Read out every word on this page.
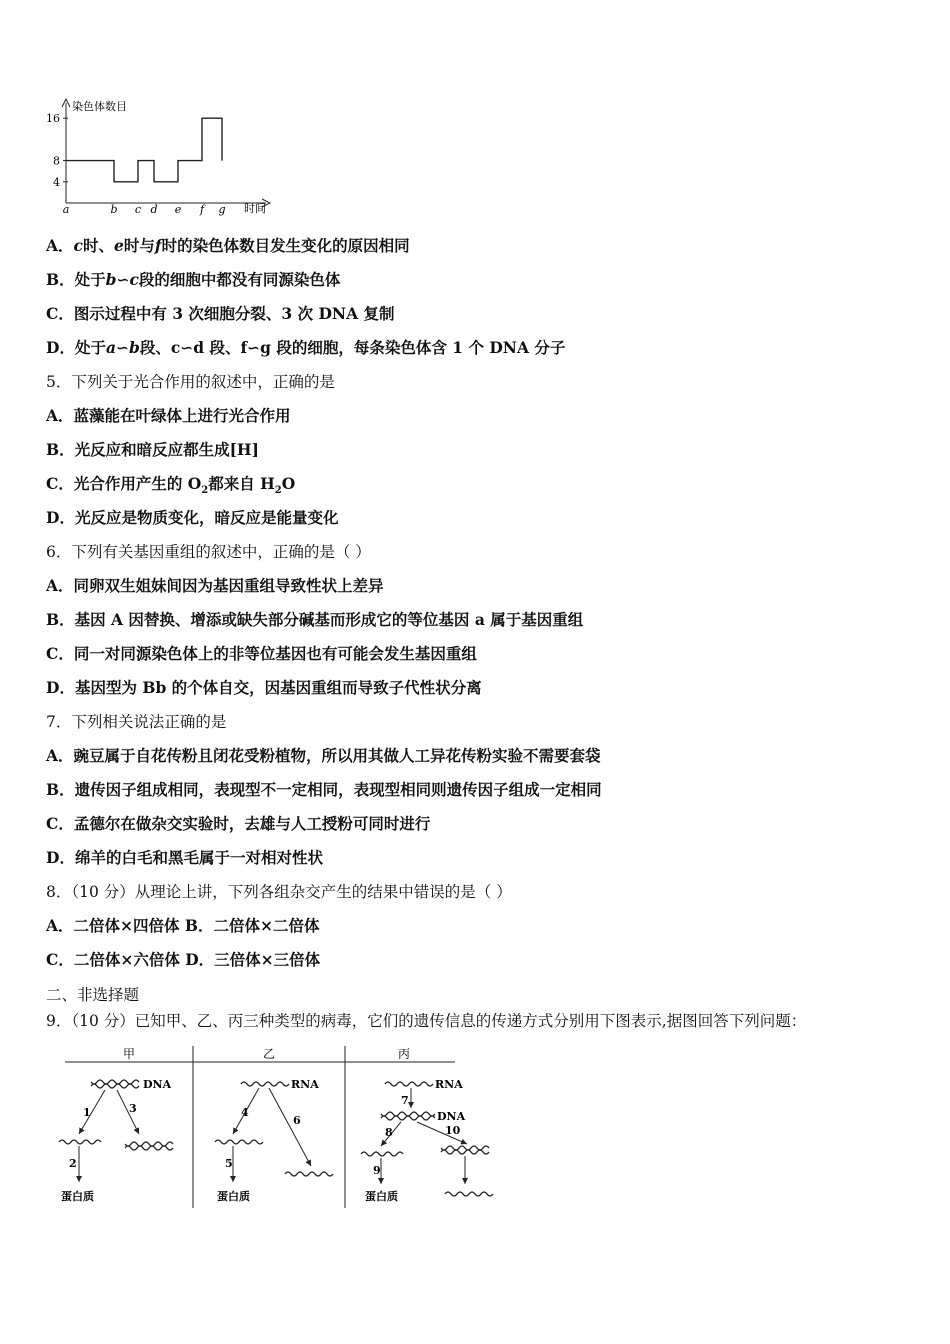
染色体数目
时间
16
8
4
a	b c d e f g
A．c时、e时与f时的染色体数目发生变化的原因相同
B．处于b∽c段的细胞中都没有同源染色体
C．图示过程中有 3 次细胞分裂、3 次 DNA 复制
D．处于a∽b段、c∽d 段、f∽g 段的细胞，每条染色体含 1 个 DNA 分子
5．下列关于光合作用的叙述中，正确的是
A．蓝藻能在叶绿体上进行光合作用
B．光反应和暗反应都生成[H]
C．光合作用产生的 $O_2$都来自 $H_2O$
D．光反应是物质变化，暗反应是能量变化
6．下列有关基因重组的叙述中，正确的是（ ）
A．同卵双生姐妹间因为基因重组导致性状上差异
B．基因 A 因替换、增添或缺失部分碱基而形成它的等位基因 a 属于基因重组
C．同一对同源染色体上的非等位基因也有可能会发生基因重组
D．基因型为 Bb 的个体自交，因基因重组而导致子代性状分离
7．下列相关说法正确的是
A．豌豆属于自花传粉且闭花受粉植物，所以用其做人工异花传粉实验不需要套袋
B．遗传因子组成相同，表现型不一定相同，表现型相同则遗传因子组成一定相同
C．孟德尔在做杂交实验时，去雄与人工授粉可同时进行
D．绵羊的白毛和黑毛属于一对相对性状
8．（10 分）从理论上讲，下列各组杂交产生的结果中错误的是（ ）
A．二倍体×四倍体 B．二倍体×二倍体
C．二倍体×六倍体 D．三倍体×三倍体
二、非选择题
9．（10 分）已知甲、乙、丙三种类型的病毒，它们的遗传信息的传递方式分别用下图表示,据图回答下列问题：
甲	乙	丙
DNA
1	3
2
蛋白质
RNA
4
6
5
蛋白质
RNA
7
DNA
8	10
9
蛋白质
